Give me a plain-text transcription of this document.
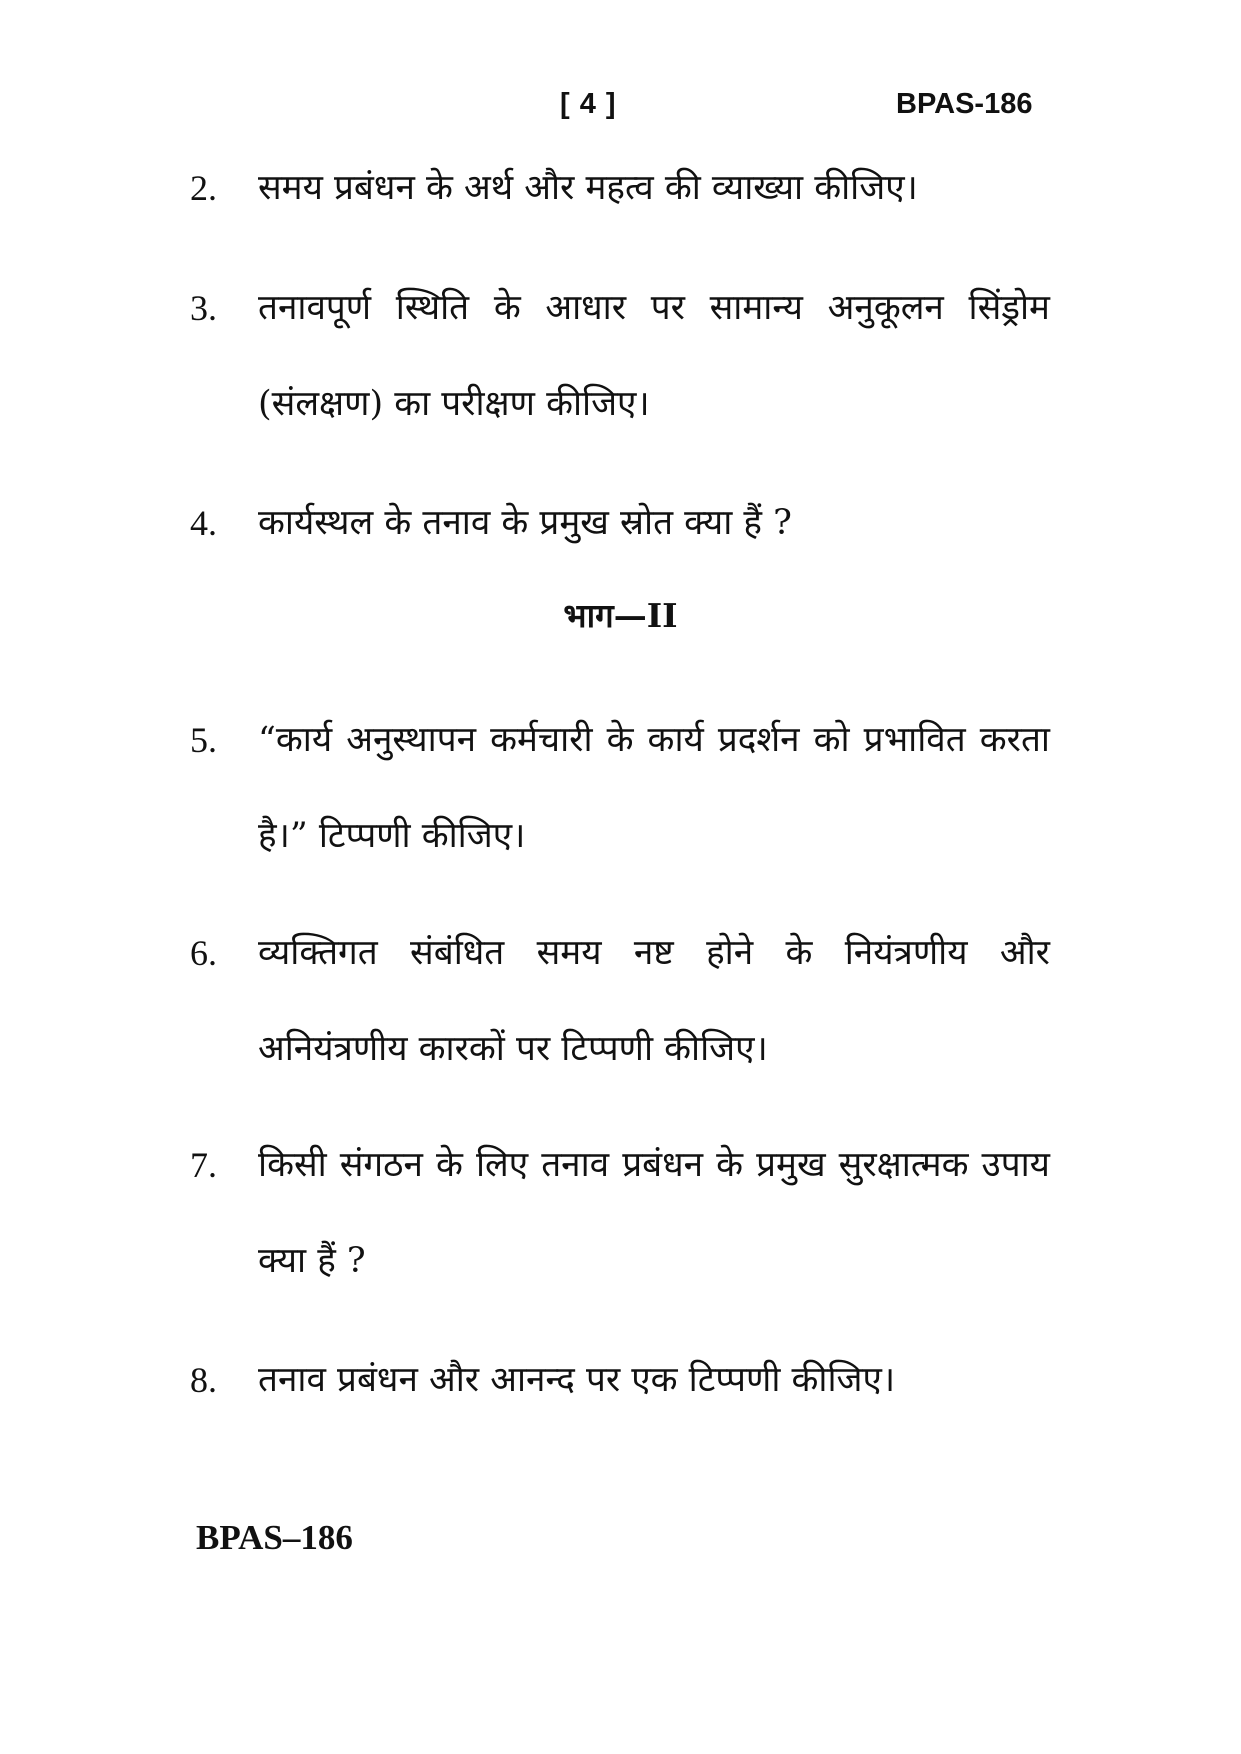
[ 4 ]	BPAS-186
2. समय प्रबंधन के अर्थ और महत्व की व्याख्या कीजिए।
3. तनावपूर्ण स्थिति के आधार पर सामान्य अनुकूलन सिंड्रोम (संलक्षण) का परीक्षण कीजिए।
4. कार्यस्थल के तनाव के प्रमुख स्रोत क्या हैं ?
भाग—II
5. “कार्य अनुस्थापन कर्मचारी के कार्य प्रदर्शन को प्रभावित करता है।” टिप्पणी कीजिए।
6. व्यक्तिगत संबंधित समय नष्ट होने के नियंत्रणीय और अनियंत्रणीय कारकों पर टिप्पणी कीजिए।
7. किसी संगठन के लिए तनाव प्रबंधन के प्रमुख सुरक्षात्मक उपाय क्या हैं ?
8. तनाव प्रबंधन और आनन्द पर एक टिप्पणी कीजिए।
BPAS–186
